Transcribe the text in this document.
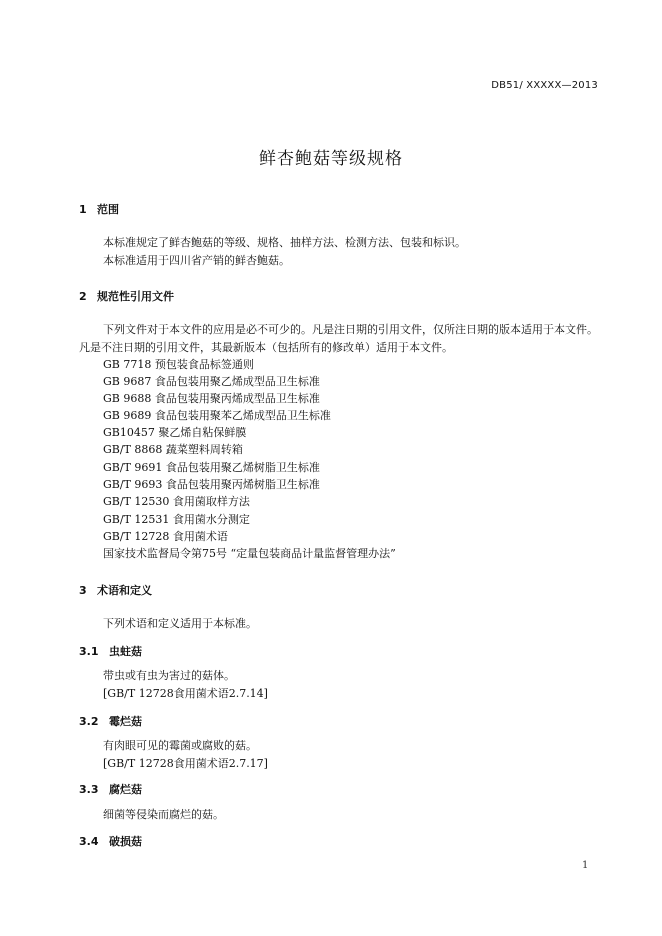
DB51/ XXXXX—2013
鲜杏鲍菇等级规格
1 范围
本标准规定了鲜杏鲍菇的等级、规格、抽样方法、检测方法、包装和标识。
本标准适用于四川省产销的鲜杏鲍菇。
2 规范性引用文件
下列文件对于本文件的应用是必不可少的。凡是注日期的引用文件，仅所注日期的版本适用于本文件。凡是不注日期的引用文件，其最新版本（包括所有的修改单）适用于本文件。
GB 7718 预包装食品标签通则
GB 9687 食品包装用聚乙烯成型品卫生标准
GB 9688 食品包装用聚丙烯成型品卫生标准
GB 9689 食品包装用聚苯乙烯成型品卫生标准
GB10457 聚乙烯自粘保鲜膜
GB/T 8868 蔬菜塑料周转箱
GB/T 9691 食品包装用聚乙烯树脂卫生标准
GB/T 9693 食品包装用聚丙烯树脂卫生标准
GB/T 12530 食用菌取样方法
GB/T 12531 食用菌水分测定
GB/T 12728 食用菌术语
国家技术监督局令第75号 “定量包装商品计量监督管理办法”
3 术语和定义
下列术语和定义适用于本标准。
3.1 虫蛀菇
带虫或有虫为害过的菇体。
[GB/T 12728食用菌术语2.7.14]
3.2 霉烂菇
有肉眼可见的霉菌或腐败的菇。
[GB/T 12728食用菌术语2.7.17]
3.3 腐烂菇
细菌等侵染而腐烂的菇。
3.4 破损菇
1
